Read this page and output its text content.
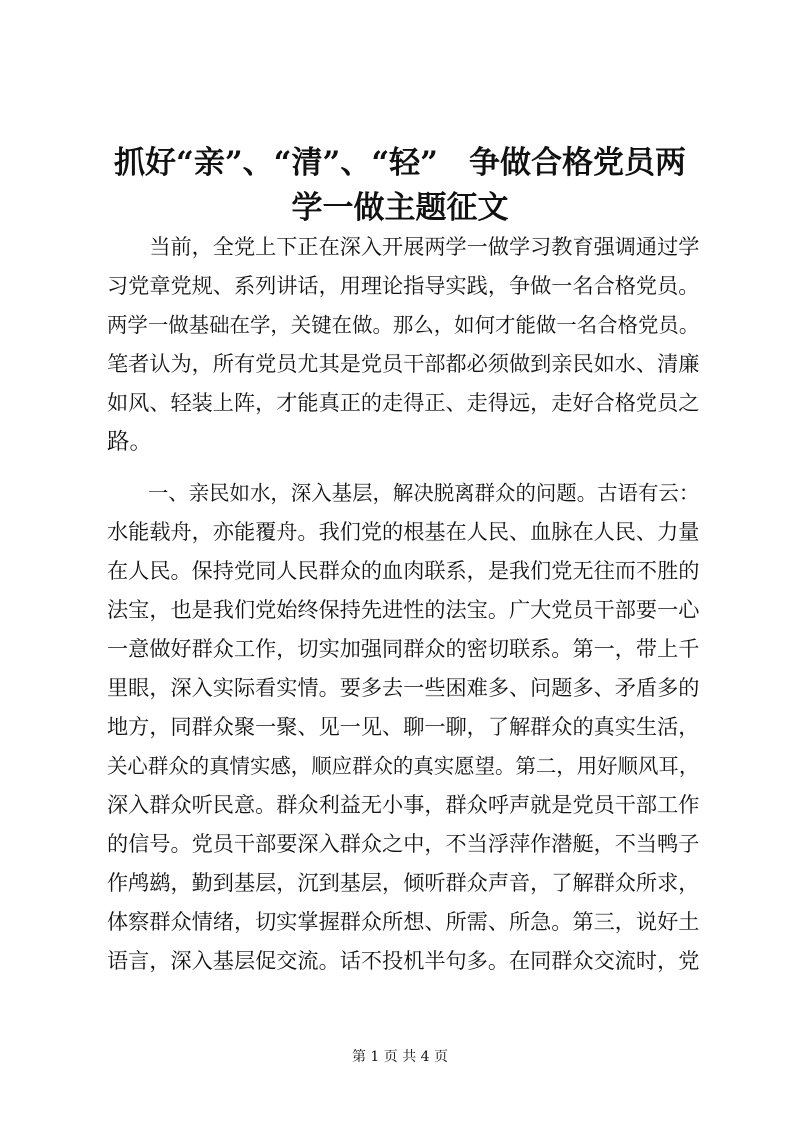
抓好“亲”、“清”、“轻”　争做合格党员两
学一做主题征文
　　当前，全党上下正在深入开展两学一做学习教育强调通过学
习党章党规、系列讲话，用理论指导实践，争做一名合格党员。
两学一做基础在学，关键在做。那么，如何才能做一名合格党员。
笔者认为，所有党员尤其是党员干部都必须做到亲民如水、清廉
如风、轻装上阵，才能真正的走得正、走得远，走好合格党员之
路。
　　一、亲民如水，深入基层，解决脱离群众的问题。古语有云：
水能载舟，亦能覆舟。我们党的根基在人民、血脉在人民、力量
在人民。保持党同人民群众的血肉联系，是我们党无往而不胜的
法宝，也是我们党始终保持先进性的法宝。广大党员干部要一心
一意做好群众工作，切实加强同群众的密切联系。第一，带上千
里眼，深入实际看实情。要多去一些困难多、问题多、矛盾多的
地方，同群众聚一聚、见一见、聊一聊，了解群众的真实生活，
关心群众的真情实感，顺应群众的真实愿望。第二，用好顺风耳，
深入群众听民意。群众利益无小事，群众呼声就是党员干部工作
的信号。党员干部要深入群众之中，不当浮萍作潜艇，不当鸭子
作鸬鹚，勤到基层，沉到基层，倾听群众声音，了解群众所求，
体察群众情绪，切实掌握群众所想、所需、所急。第三，说好土
语言，深入基层促交流。话不投机半句多。在同群众交流时，党
第 1 页 共 4 页
